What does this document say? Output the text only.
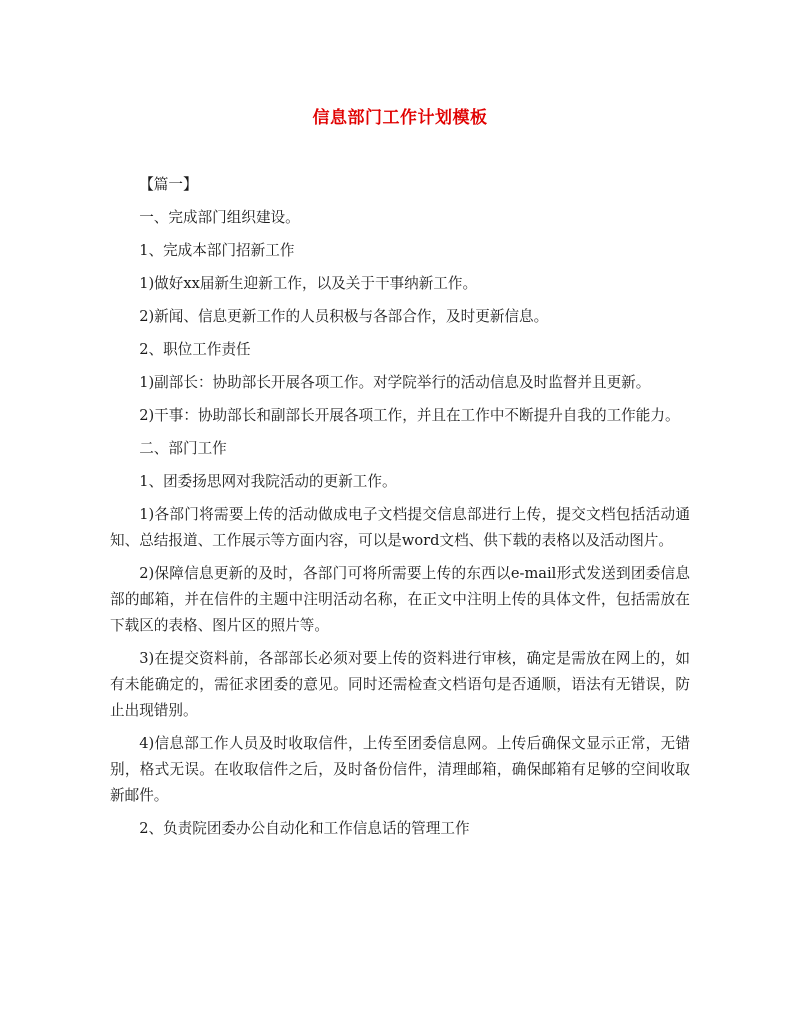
信息部门工作计划模板

【篇一】

一、完成部门组织建设。

1、完成本部门招新工作

1)做好xx届新生迎新工作，以及关于干事纳新工作。

2)新闻、信息更新工作的人员积极与各部合作，及时更新信息。

2、职位工作责任

1)副部长：协助部长开展各项工作。对学院举行的活动信息及时监督并且更新。

2)干事：协助部长和副部长开展各项工作，并且在工作中不断提升自我的工作能力。

二、部门工作

1、团委扬思网对我院活动的更新工作。

1)各部门将需要上传的活动做成电子文档提交信息部进行上传，提交文档包括活动通知、总结报道、工作展示等方面内容，可以是word文档、供下载的表格以及活动图片。

2)保障信息更新的及时，各部门可将所需要上传的东西以e-mail形式发送到团委信息部的邮箱，并在信件的主题中注明活动名称，在正文中注明上传的具体文件，包括需放在下载区的表格、图片区的照片等。

3)在提交资料前，各部部长必须对要上传的资料进行审核，确定是需放在网上的，如有未能确定的，需征求团委的意见。同时还需检查文档语句是否通顺，语法有无错误，防止出现错别。

4)信息部工作人员及时收取信件，上传至团委信息网。上传后确保文显示正常，无错别，格式无误。在收取信件之后，及时备份信件，清理邮箱，确保邮箱有足够的空间收取新邮件。

2、负责院团委办公自动化和工作信息话的管理工作
